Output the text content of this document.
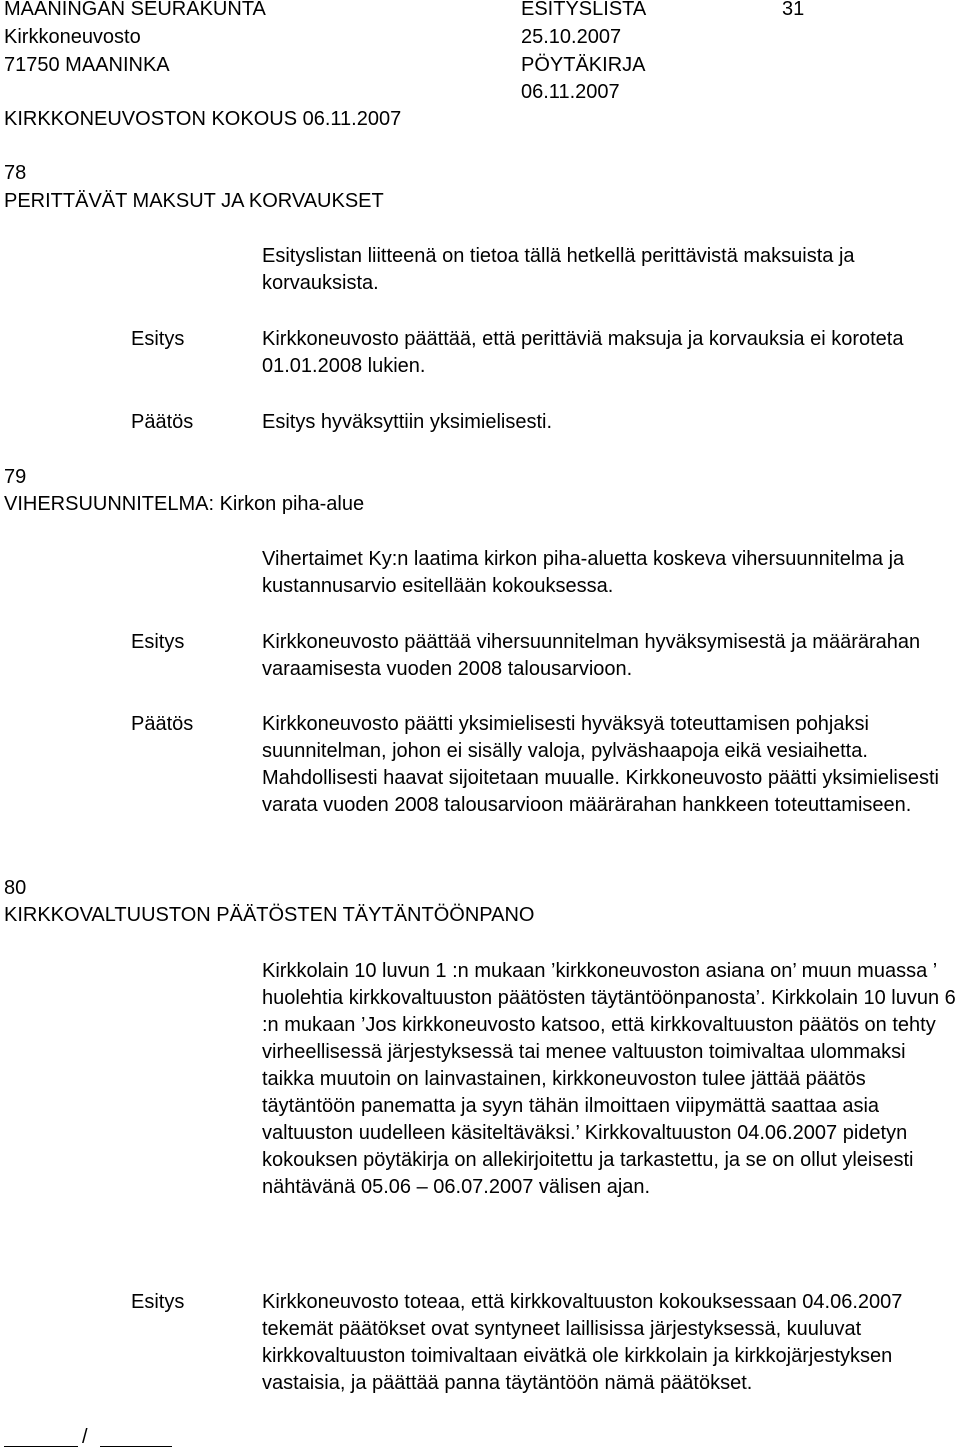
MAANINGAN SEURAKUNTA
Kirkkoneuvosto
71750 MAANINKA
KIRKKONEUVOSTON KOKOUS 06.11.2007
ESITYSLISTA
25.10.2007
PÖYTÄKIRJA
06.11.2007
31
78
PERITTÄVÄT MAKSUT JA KORVAUKSET
Esityslistan liitteenä on tietoa tällä hetkellä perittävistä maksuista ja korvauksista.
Esitys	Kirkkoneuvosto päättää, että perittäviä maksuja ja korvauksia ei koroteta 01.01.2008 lukien.
Päätös	Esitys hyväksyttiin yksimielisesti.
79
VIHERSUUNNITELMA: Kirkon piha-alue
Vihertaimet Ky:n laatima kirkon piha-aluetta koskeva vihersuunnitelma ja kustannusarvio esitellään kokouksessa.
Esitys	Kirkkoneuvosto päättää vihersuunnitelman hyväksymisestä ja määrärahan varaamisesta vuoden 2008 talousarvioon.
Päätös	Kirkkoneuvosto päätti yksimielisesti hyväksyä toteuttamisen pohjaksi suunnitelman, johon ei sisälly valoja, pylväshaapoja eikä vesiaihetta. Mahdollisesti haavat sijoitetaan muualle. Kirkkoneuvosto päätti yksimielisesti varata vuoden 2008 talousarvioon määrärahan hankkeen toteuttamiseen.
80
KIRKKOVALTUUSTON PÄÄTÖSTEN TÄYTÄNTÖÖNPANO
Kirkkolain 10 luvun 1 :n mukaan ’kirkkoneuvoston asiana on’ muun muassa ’ huolehtia kirkkovaltuuston päätösten täytäntöönpanosta’. Kirkkolain 10 luvun 6 :n mukaan ’Jos kirkkoneuvosto katsoo, että kirkkovaltuuston päätös on tehty virheellisessä järjestyksessä tai menee valtuuston toimivaltaa ulommaksi taikka muutoin on lainvastainen, kirkkoneuvoston tulee jättää päätös täytäntöön panematta ja syyn tähän ilmoittaen viipymättä saattaa asia valtuuston uudelleen käsiteltäväksi.’ Kirkkovaltuuston 04.06.2007 pidetyn kokouksen pöytäkirja on allekirjoitettu ja tarkastettu, ja se on ollut yleisesti nähtävänä 05.06 – 06.07.2007 välisen ajan.
Esitys	Kirkkoneuvosto toteaa, että kirkkovaltuuston kokouksessaan 04.06.2007 tekemät päätökset ovat syntyneet laillisissa järjestyksessä, kuuluvat kirkkovaltuuston toimivaltaan eivätkä ole kirkkolain ja kirkkojärjestyksen vastaisia, ja päättää panna täytäntöön nämä päätökset.
/
